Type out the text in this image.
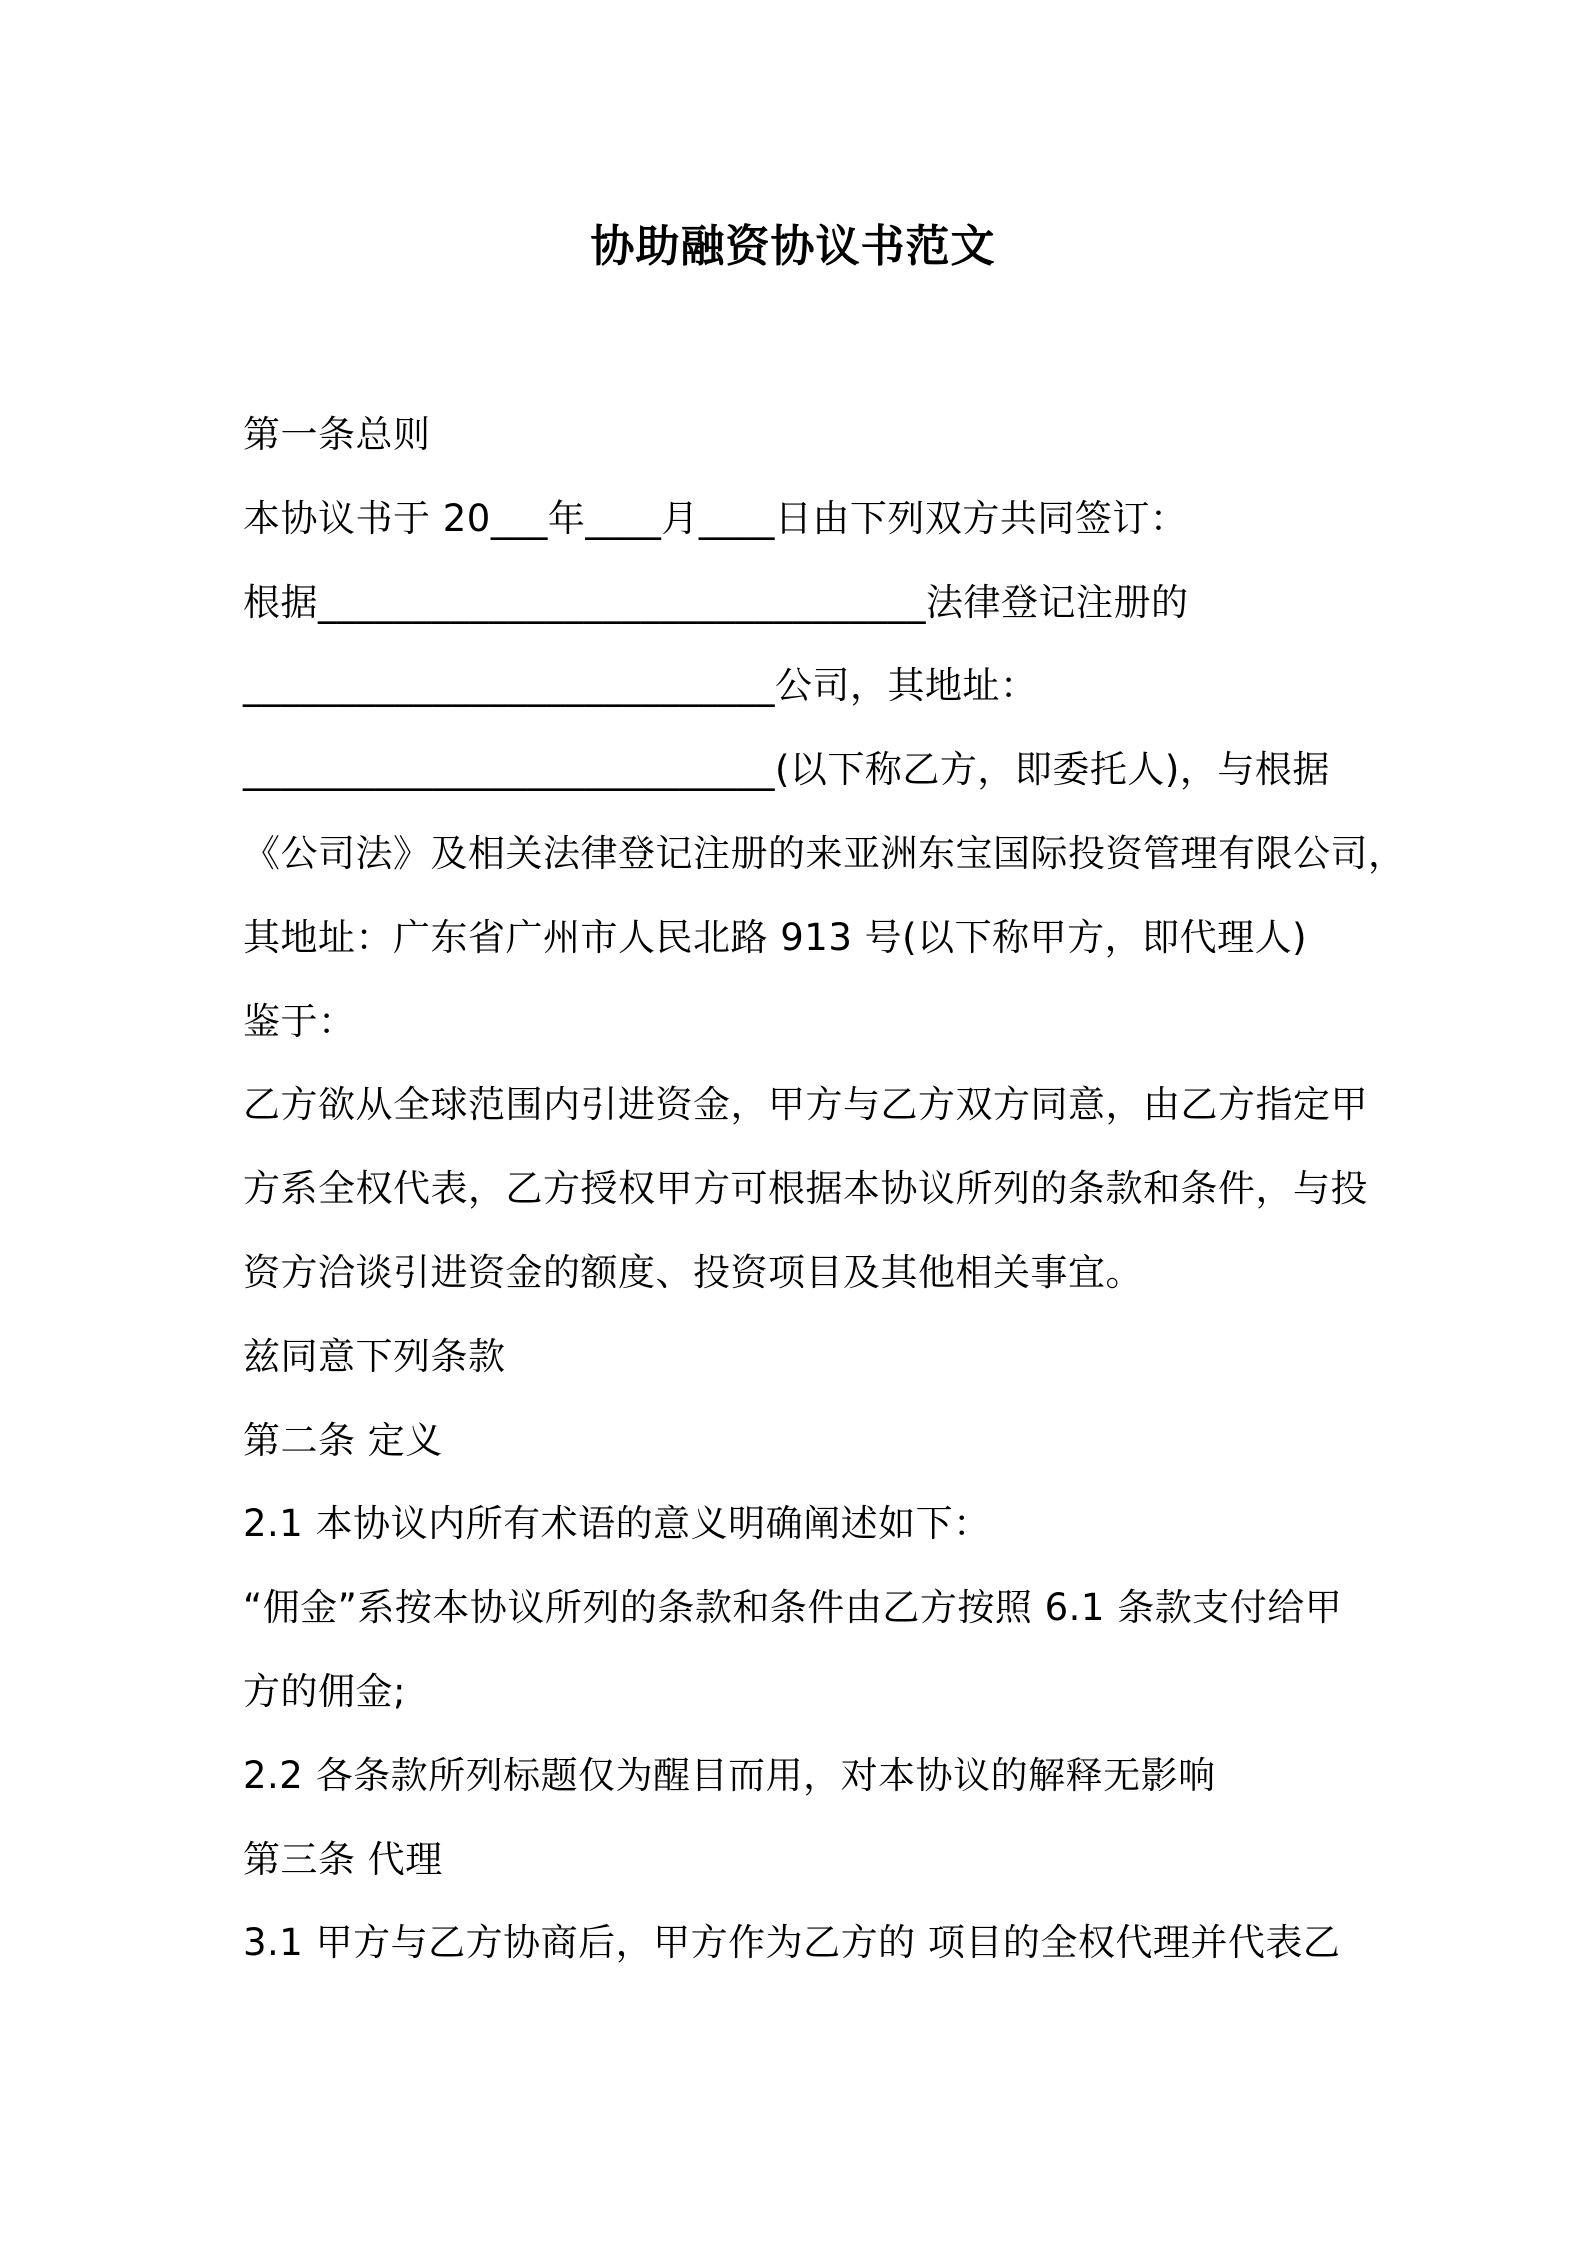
协助融资协议书范文
第一条总则
本协议书于 20___年____月____日由下列双方共同签订：
根据________________________________法律登记注册的
____________________________公司，其地址：
____________________________(以下称乙方，即委托人)，与根据
《公司法》及相关法律登记注册的来亚洲东宝国际投资管理有限公司，
其地址：广东省广州市人民北路 913 号(以下称甲方，即代理人)
鉴于：
乙方欲从全球范围内引进资金，甲方与乙方双方同意，由乙方指定甲
方系全权代表，乙方授权甲方可根据本协议所列的条款和条件，与投
资方洽谈引进资金的额度、投资项目及其他相关事宜。
兹同意下列条款
第二条 定义
2.1 本协议内所有术语的意义明确阐述如下：
“佣金”系按本协议所列的条款和条件由乙方按照 6.1 条款支付给甲
方的佣金;
2.2 各条款所列标题仅为醒目而用，对本协议的解释无影响
第三条 代理
3.1 甲方与乙方协商后，甲方作为乙方的 项目的全权代理并代表乙
